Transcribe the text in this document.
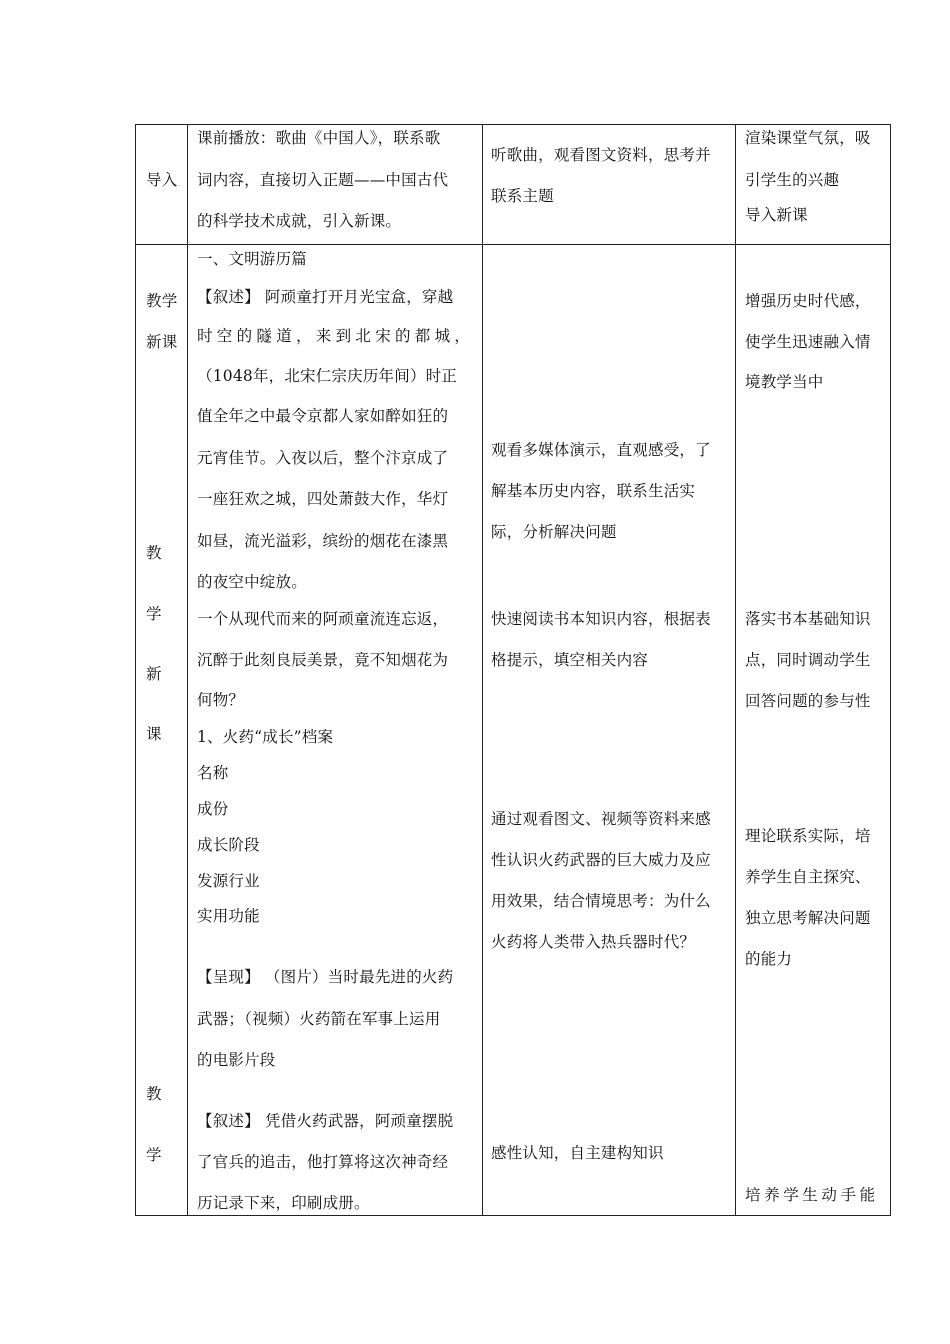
导入
课前播放：歌曲《中国人》，联系歌
词内容，直接切入正题——中国古代
的科学技术成就，引入新课。
听歌曲，观看图文资料，思考并
联系主题
渲染课堂气氛，吸
引学生的兴趣
导入新课
教学
新课
教
学
新
课
教
学
一、文明游历篇
【叙述】 阿顽童打开月光宝盒，穿越
时空的隧道，来到北宋的都城，
（1048年，北宋仁宗庆历年间）时正
值全年之中最令京都人家如醉如狂的
元宵佳节。入夜以后，整个汴京成了
一座狂欢之城，四处萧鼓大作，华灯
如昼，流光溢彩，缤纷的烟花在漆黑
的夜空中绽放。
一个从现代而来的阿顽童流连忘返，
沉醉于此刻良辰美景，竟不知烟花为
何物？
1、火药“成长”档案
名称
成份
成长阶段
发源行业
实用功能
【呈现】 （图片）当时最先进的火药
武器；（视频）火药箭在军事上运用
的电影片段
【叙述】 凭借火药武器，阿顽童摆脱
了官兵的追击，他打算将这次神奇经
历记录下来，印刷成册。
观看多媒体演示，直观感受，了
解基本历史内容，联系生活实
际，分析解决问题
快速阅读书本知识内容，根据表
格提示，填空相关内容
通过观看图文、视频等资料来感
性认识火药武器的巨大威力及应
用效果，结合情境思考：为什么
火药将人类带入热兵器时代？
感性认知，自主建构知识
增强历史时代感，
使学生迅速融入情
境教学当中
落实书本基础知识
点，同时调动学生
回答问题的参与性
理论联系实际，培
养学生自主探究、
独立思考解决问题
的能力
培养学生动手能
